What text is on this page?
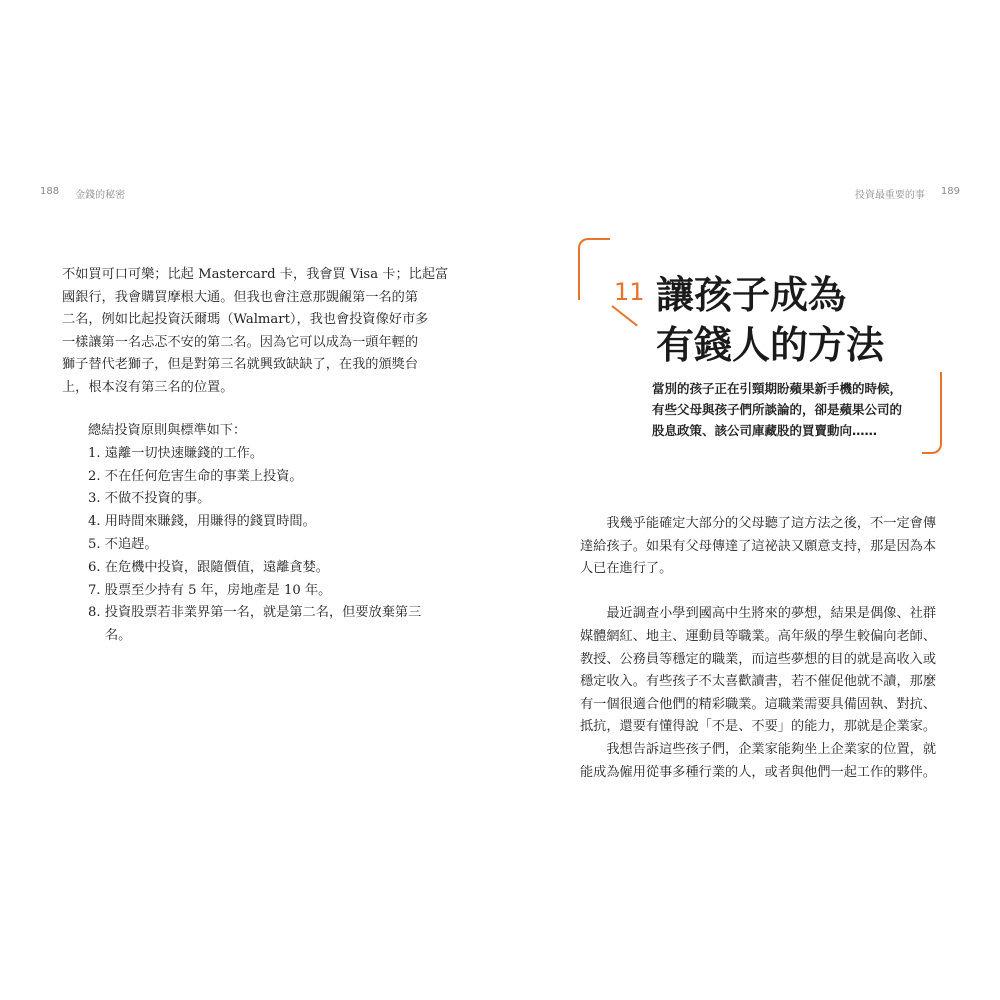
188 金錢的秘密	投資最重要的事 189

不如買可口可樂；比起 Mastercard 卡，我會買 Visa 卡；比起富

國銀行，我會購買摩根大通。但我也會注意那覬覦第一名的第

二名，例如比起投資沃爾瑪（Walmart），我也會投資像好市多

一樣讓第一名忐忑不安的第二名。因為它可以成為一頭年輕的

獅子替代老獅子，但是對第三名就興致缺缺了，在我的頒獎台

上，根本沒有第三名的位置。

總結投資原則與標準如下：

1. 遠離一切快速賺錢的工作。
2. 不在任何危害生命的事業上投資。
3. 不做不投資的事。
4. 用時間來賺錢，用賺得的錢買時間。
5. 不追趕。
6. 在危機中投資，跟隨價值，遠離貪婪。
7. 股票至少持有 5 年，房地產是 10 年。
8. 投資股票若非業界第一名，就是第二名，但要放棄第三
名。
11 讓孩子成為

有錢人的方法

當別的孩子正在引頸期盼蘋果新手機的時候，

有些父母與孩子們所談論的，卻是蘋果公司的

股息政策、該公司庫藏股的買賣動向……

　　我幾乎能確定大部分的父母聽了這方法之後，不一定會傳

達給孩子。如果有父母傳達了這祕訣又願意支持，那是因為本

人已在進行了。

　　最近調查小學到國高中生將來的夢想，結果是偶像、社群

媒體網紅、地主、運動員等職業。高年級的學生較偏向老師、

教授、公務員等穩定的職業，而這些夢想的目的就是高收入或

穩定收入。有些孩子不太喜歡讀書，若不催促他就不讀，那麼

有一個很適合他們的精彩職業。這職業需要具備固執、對抗、

抵抗，還要有懂得說「不是、不要」的能力，那就是企業家。

　　我想告訴這些孩子們，企業家能夠坐上企業家的位置，就

能成為僱用從事多種行業的人，或者與他們一起工作的夥伴。
